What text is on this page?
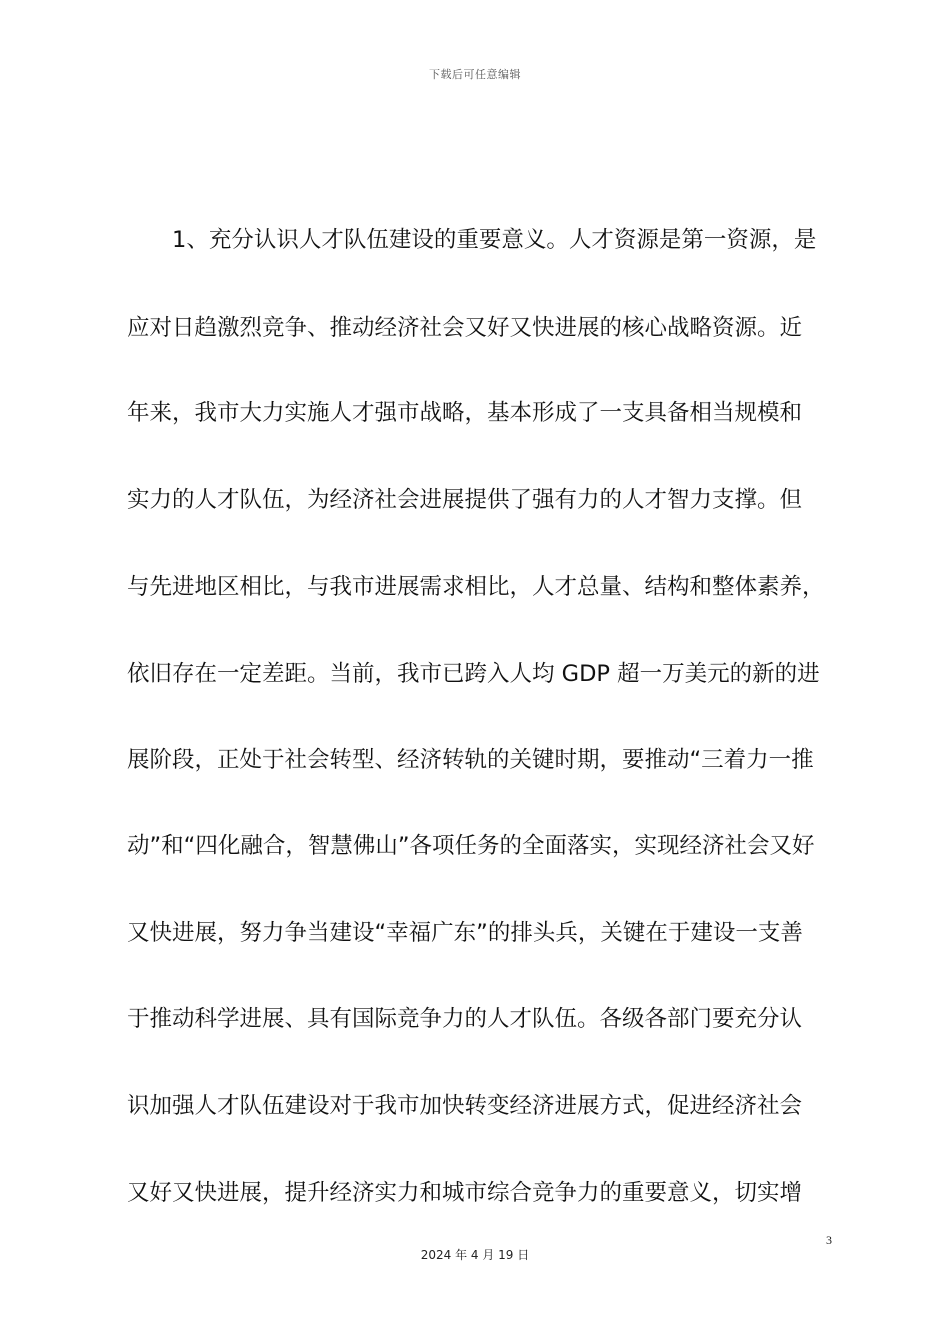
下载后可任意编辑
1、充分认识人才队伍建设的重要意义。人才资源是第一资源，是
应对日趋激烈竞争、推动经济社会又好又快进展的核心战略资源。近
年来，我市大力实施人才强市战略，基本形成了一支具备相当规模和
实力的人才队伍，为经济社会进展提供了强有力的人才智力支撑。但
与先进地区相比，与我市进展需求相比，人才总量、结构和整体素养，
依旧存在一定差距。当前，我市已跨入人均 GDP 超一万美元的新的进
展阶段，正处于社会转型、经济转轨的关键时期，要推动“三着力一推
动”和“四化融合，智慧佛山”各项任务的全面落实，实现经济社会又好
又快进展，努力争当建设“幸福广东”的排头兵，关键在于建设一支善
于推动科学进展、具有国际竞争力的人才队伍。各级各部门要充分认
识加强人才队伍建设对于我市加快转变经济进展方式，促进经济社会
又好又快进展，提升经济实力和城市综合竞争力的重要意义，切实增
3
2024 年 4 月 19 日
